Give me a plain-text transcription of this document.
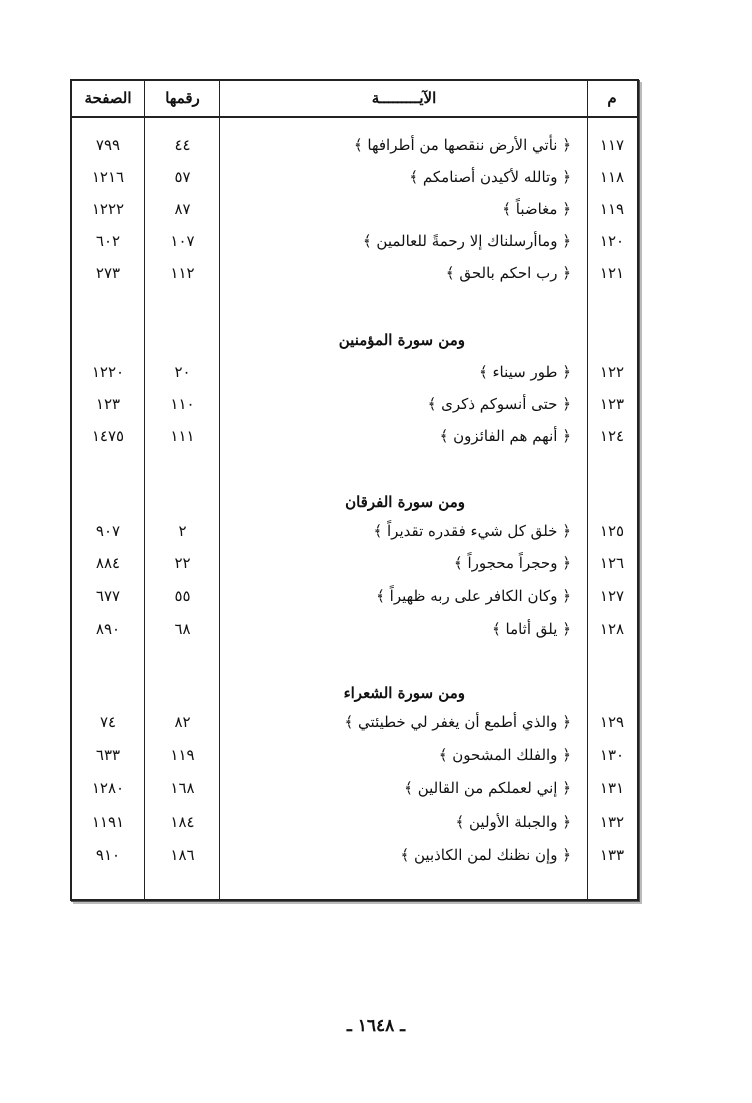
م
الآيـــــــــة
رقمها
الصفحة
١١٧
﴿ نأتي الأرض ننقصها من أطرافها ﴾
٤٤
٧٩٩
١١٨
﴿ وتالله لأكيدن أصنامكم ﴾
٥٧
١٢١٦
١١٩
﴿ مغاضباً ﴾
٨٧
١٢٢٢
١٢٠
﴿ وماأرسلناك إلا رحمةً للعالمين ﴾
١٠٧
٦٠٢
١٢١
﴿ رب احكم بالحق ﴾
١١٢
٢٧٣
ومن سورة المؤمنين
١٢٢
﴿ طور سيناء ﴾
٢٠
١٢٢٠
١٢٣
﴿ حتى أنسوكم ذكرى ﴾
١١٠
١٢٣
١٢٤
﴿ أنهم هم الفائزون ﴾
١١١
١٤٧٥
ومن سورة الفرقان
١٢٥
﴿ خلق كل شيء فقدره تقديراً ﴾
٢
٩٠٧
١٢٦
﴿ وحجراً محجوراً ﴾
٢٢
٨٨٤
١٢٧
﴿ وكان الكافر على ربه ظهيراً ﴾
٥٥
٦٧٧
١٢٨
﴿ يلق أثاما ﴾
٦٨
٨٩٠
ومن سورة الشعراء
١٢٩
﴿ والذي أطمع أن يغفر لي خطيئتي ﴾
٨٢
٧٤
١٣٠
﴿ والفلك المشحون ﴾
١١٩
٦٣٣
١٣١
﴿ إني لعملكم من القالين ﴾
١٦٨
١٢٨٠
١٣٢
﴿ والجبلة الأولين ﴾
١٨٤
١١٩١
١٣٣
﴿ وإن نظنك لمن الكاذبين ﴾
١٨٦
٩١٠
ـ ١٦٤٨ ـ
